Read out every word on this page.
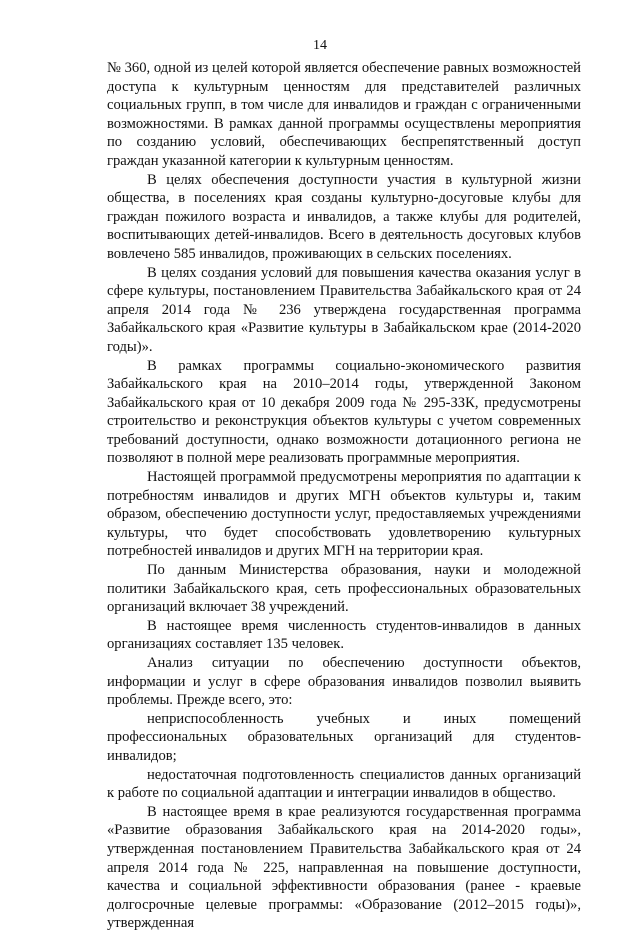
14

№ 360, одной из целей которой является обеспечение равных возможностей доступа к культурным ценностям для представителей различных социальных групп, в том числе для инвалидов и граждан с ограниченными возможностями. В рамках данной программы осуществлены мероприятия по созданию условий, обеспечивающих беспрепятственный доступ граждан указанной категории к культурным ценностям.

В целях обеспечения доступности участия в культурной жизни общества, в поселениях края созданы культурно-досуговые клубы для граждан пожилого возраста и инвалидов, а также клубы для родителей, воспитывающих детей-инвалидов. Всего в деятельность досуговых клубов вовлечено 585 инвалидов, проживающих в сельских поселениях.

В целях создания условий для повышения качества оказания услуг в сфере культуры, постановлением Правительства Забайкальского края от 24 апреля 2014 года № 236 утверждена государственная программа Забайкальского края «Развитие культуры в Забайкальском крае (2014-2020 годы)».

В рамках программы социально-экономического развития Забайкальского края на 2010–2014 годы, утвержденной Законом Забайкальского края от 10 декабря 2009 года № 295-ЗЗК, предусмотрены строительство и реконструкция объектов культуры с учетом современных требований доступности, однако возможности дотационного региона не позволяют в полной мере реализовать программные мероприятия.

Настоящей программой предусмотрены мероприятия по адаптации к потребностям инвалидов и других МГН объектов культуры и, таким образом, обеспечению доступности услуг, предоставляемых учреждениями культуры, что будет способствовать удовлетворению культурных потребностей инвалидов и других МГН на территории края.

По данным Министерства образования, науки и молодежной политики Забайкальского края, сеть профессиональных образовательных организаций включает 38 учреждений.

В настоящее время численность студентов-инвалидов в данных организациях составляет 135 человек.

Анализ ситуации по обеспечению доступности объектов, информации и услуг в сфере образования инвалидов позволил выявить проблемы. Прежде всего, это:

неприспособленность учебных и иных помещений профессиональных образовательных организаций для студентов-инвалидов;

недостаточная подготовленность специалистов данных организаций к работе по социальной адаптации и интеграции инвалидов в общество.

В настоящее время в крае реализуются государственная программа «Развитие образования Забайкальского края на 2014-2020 годы», утвержденная постановлением Правительства Забайкальского края от 24 апреля 2014 года № 225, направленная на повышение доступности, качества и социальной эффективности образования (ранее - краевые долгосрочные целевые программы: «Образование (2012–2015 годы)», утвержденная
